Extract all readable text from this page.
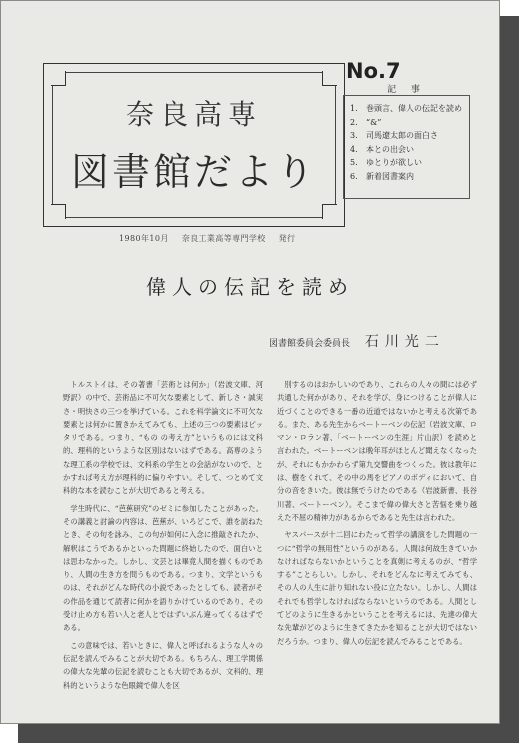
奈良高専
図書館だより
No.7
記 事
1. 巻頭言、偉人の伝記を読め
2. “&”
3. 司馬遼太郎の面白さ
4. 本との出会い
5. ゆとりが欲しい
6. 新着図書案内
1980年10月 奈良工業高等専門学校 発行
偉人の伝記を読め
図書館委員会委員長 石川光二

トルストイは、その著書「芸術とは何か」（岩波文庫、河野訳）の中で、芸術品に不可欠な要素として、新しさ・誠実さ・明快さの三つを挙げている。これを科学論文に不可欠な要素とは何かに置きかえてみても、上述の三つの要素はピッタリである。つまり、“もの の考え方”というものには文科的、理科的というような区別はないはずである。高専のような理工系の学校では、文科系の学生との会話がないので、とかすれば考え方が理科的に偏りやすい。そして、つとめて文科的な本を読むことが大切であると考える。

学生時代に、“芭蕉研究”のゼミに参加したことがあった。その講義と討論の内容は、芭蕉が、いろどこで、誰を訪ねたとき、その句を詠み、この句が如何に入念に推敲されたか、解釈はこうであるかといった問題に終始したので、面白いとは思わなかった。しかし、文芸とは畢竟人間を描くものであり、人間の生き方を問うものである。つまり、文学というものは、それがどんな時代の小説であったとしても、読者がその作品を通じて読者に何かを語りかけているのであり、その受け止め方も若い人と老人とではずいぶん違ってくるはずである。

この意味では、若いときに、偉人と呼ばれるような人々の伝記を読んでみることが大切である。もちろん、理工学関係の偉大な先輩の伝記を読むことも大切であるが、文科的、理科的というような色眼鏡で偉人を区

別するのはおかしいのであり、これらの人々の間には必ず共通した何かがあり、それを学び、身につけることが偉人に近づくことのできる一番の近道ではないかと考える次第である。また、ある先生からベートーベンの伝記（岩波文庫、ロマン・ロラン著、「ベートーベンの生涯」片山訳）を読めと言われた。ベートーベンは晩年耳がほとんど聞えなくなったが、それにもかかわらず第九交響曲をつくった。彼は教年には、樹をくれて、その中の馬をピアノのボディにおいて、自分の音をきいた。彼は無でうけたのである（岩波新書、長谷川著、ベートーベン）。そこまで偉の偉大さと苦悩を乗り越えた不屈の精神力があるからであると先生は言われた。

ヤスパースが十二回にわたって哲学の講演をした問題の一つに“哲学の無用性”というのがある。人間は何故生きていかなければならないかということを真剣に考えるのが、“哲学する”ことらしい。しかし、それをどんなに考えてみても、その人の人生に計り知れない役に立たない。しかし、人間はそれでも哲学しなければならないというのである。人間としてどのように生きるかということを考えるには、先達の偉大な先輩がどのように生きてきたかを知ることが大切ではないだろうか。つまり、偉人の伝記を読んでみることである。
